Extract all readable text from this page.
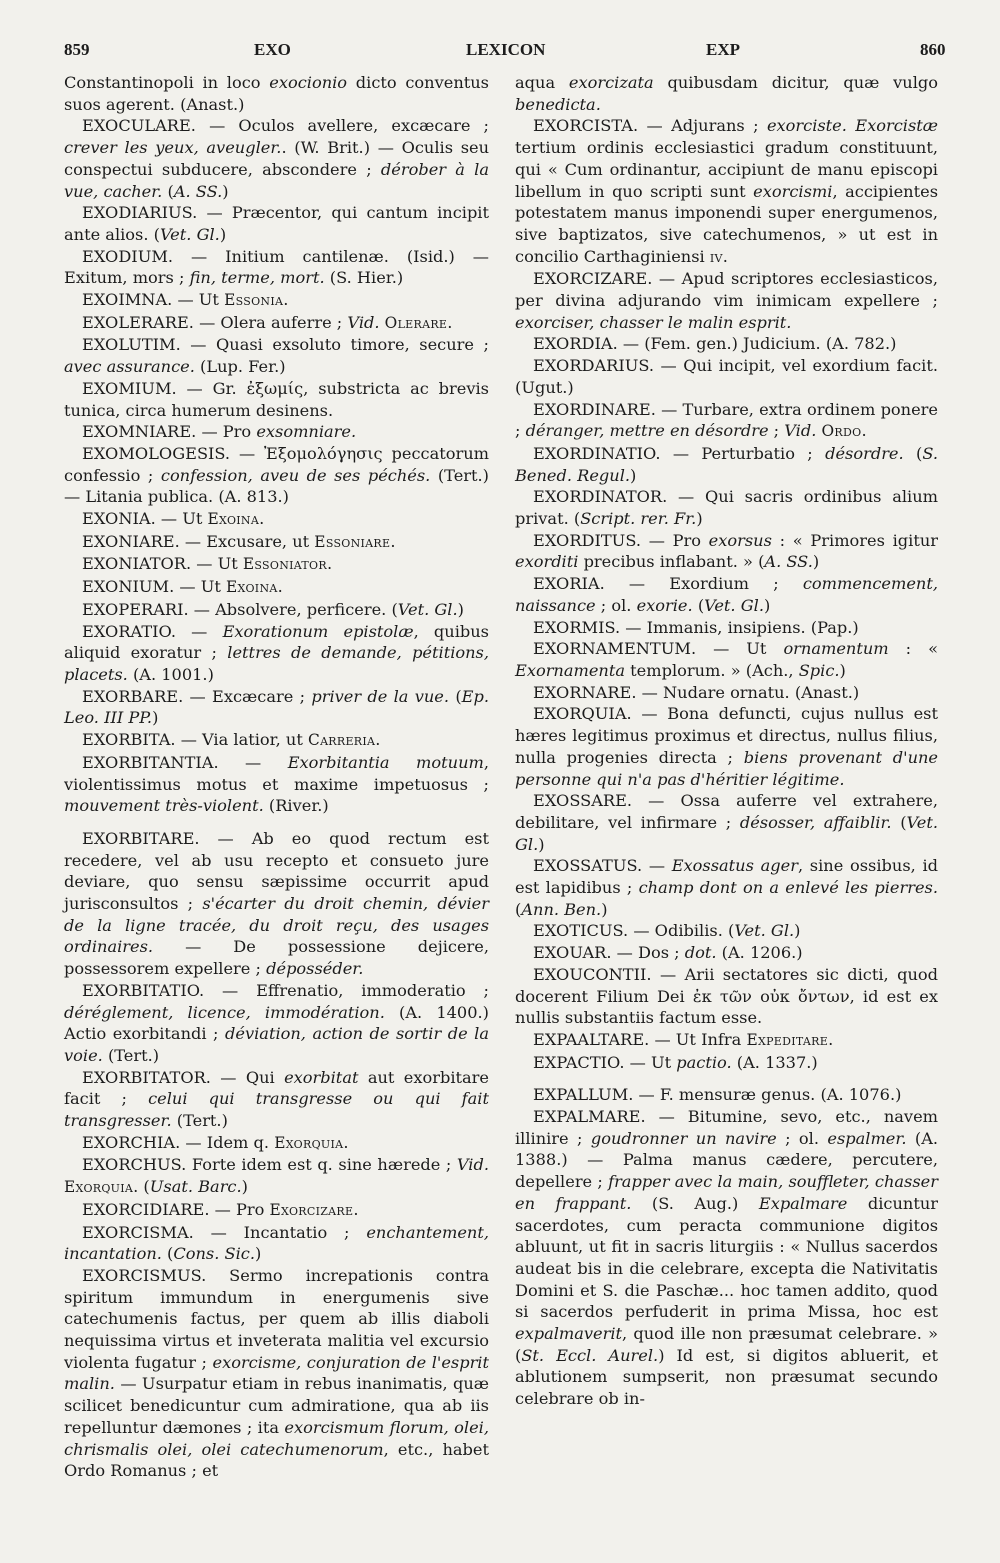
859	EXO	LEXICON	EXP	860

Constantinopoli in loco exocionio dicto conventus suos agerent. (Anast.)

EXOCULARE. — Oculos avellere, excæcare ; crever les yeux, aveugler.. (W. Brit.) — Oculis seu conspectui subducere, abscondere ; dérober à la vue, cacher. (A. SS.)

EXODIARIUS. — Præcentor, qui cantum incipit ante alios. (Vet. Gl.)

EXODIUM. — Initium cantilenæ. (Isid.) — Exitum, mors ; fin, terme, mort. (S. Hier.)

EXOIMNA. — Ut Essonia.

EXOLERARE. — Olera auferre ; Vid. Olerare.

EXOLUTIM. — Quasi exsoluto timore, secure ; avec assurance. (Lup. Fer.)

EXOMIUM. — Gr. ἐξωμίς, substricta ac brevis tunica, circa humerum desinens.

EXOMNIARE. — Pro exsomniare.

EXOMOLOGESIS. — Ἐξομολόγησις peccatorum confessio ; confession, aveu de ses péchés. (Tert.) — Litania publica. (A. 813.)

EXONIA. — Ut Exoina.

EXONIARE. — Excusare, ut Essoniare.

EXONIATOR. — Ut Essoniator.

EXONIUM. — Ut Exoina.

EXOPERARI. — Absolvere, perficere. (Vet. Gl.)

EXORATIO. — Exorationum epistolæ, quibus aliquid exoratur ; lettres de demande, pétitions, placets. (A. 1001.)

EXORBARE. — Excæcare ; priver de la vue. (Ep. Leo. III PP.)

EXORBITA. — Via latior, ut Carreria.

EXORBITANTIA. — Exorbitantia motuum, violentissimus motus et maxime impetuosus ; mouvement très-violent. (River.)

EXORBITARE. — Ab eo quod rectum est recedere, vel ab usu recepto et consueto jure deviare, quo sensu sæpissime occurrit apud jurisconsultos ; s'écarter du droit chemin, dévier de la ligne tracée, du droit reçu, des usages ordinaires. — De possessione dejicere, possessorem expellere ; déposséder.

EXORBITATIO. — Effrenatio, immoderatio ; déréglement, licence, immodération. (A. 1400.) Actio exorbitandi ; déviation, action de sortir de la voie. (Tert.)

EXORBITATOR. — Qui exorbitat aut exorbitare facit ; celui qui transgresse ou qui fait transgresser. (Tert.)

EXORCHIA. — Idem q. Exorquia.

EXORCHUS. Forte idem est q. sine hærede ; Vid. Exorquia. (Usat. Barc.)

EXORCIDIARE. — Pro Exorcizare.

EXORCISMA. — Incantatio ; enchantement, incantation. (Cons. Sic.)

EXORCISMUS. Sermo increpationis contra spiritum immundum in energumenis sive catechumenis factus, per quem ab illis diaboli nequissima virtus et inveterata malitia vel excursio violenta fugatur ; exorcisme, conjuration de l'esprit malin. — Usurpatur etiam in rebus inanimatis, quæ scilicet benedicuntur cum admiratione, qua ab iis repelluntur dæmones ; ita exorcismum florum, olei, chrismalis olei, olei catechumenorum, etc., habet Ordo Romanus ; et

aqua exorcizata quibusdam dicitur, quæ vulgo benedicta.

EXORCISTA. — Adjurans ; exorciste. Exorcistæ tertium ordinis ecclesiastici gradum constituunt, qui « Cum ordinantur, accipiunt de manu episcopi libellum in quo scripti sunt exorcismi, accipientes potestatem manus imponendi super energumenos, sive baptizatos, sive catechumenos, » ut est in concilio Carthaginiensi iv.

EXORCIZARE. — Apud scriptores ecclesiasticos, per divina adjurando vim inimicam expellere ; exorciser, chasser le malin esprit.

EXORDIA. — (Fem. gen.) Judicium. (A. 782.)

EXORDARIUS. — Qui incipit, vel exordium facit. (Ugut.)

EXORDINARE. — Turbare, extra ordinem ponere ; déranger, mettre en désordre ; Vid. Ordo.

EXORDINATIO. — Perturbatio ; désordre. (S. Bened. Regul.)

EXORDINATOR. — Qui sacris ordinibus alium privat. (Script. rer. Fr.)

EXORDITUS. — Pro exorsus : « Primores igitur exorditi precibus inflabant. » (A. SS.)

EXORIA. — Exordium ; commencement, naissance ; ol. exorie. (Vet. Gl.)

EXORMIS. — Immanis, insipiens. (Pap.)

EXORNAMENTUM. — Ut ornamentum : « Exornamenta templorum. » (Ach., Spic.)

EXORNARE. — Nudare ornatu. (Anast.)

EXORQUIA. — Bona defuncti, cujus nullus est hæres legitimus proximus et directus, nullus filius, nulla progenies directa ; biens provenant d'une personne qui n'a pas d'héritier légitime.

EXOSSARE. — Ossa auferre vel extrahere, debilitare, vel infirmare ; désosser, affaiblir. (Vet. Gl.)

EXOSSATUS. — Exossatus ager, sine ossibus, id est lapidibus ; champ dont on a enlevé les pierres. (Ann. Ben.)

EXOTICUS. — Odibilis. (Vet. Gl.)

EXOUAR. — Dos ; dot. (A. 1206.)

EXOUCONTII. — Arii sectatores sic dicti, quod docerent Filium Dei ἐκ τῶν οὐκ ὄντων, id est ex nullis substantiis factum esse.

EXPAALTARE. — Ut Infra Expeditare.

EXPACTIO. — Ut pactio. (A. 1337.)

EXPALLUM. — F. mensuræ genus. (A. 1076.)

EXPALMARE. — Bitumine, sevo, etc., navem illinire ; goudronner un navire ; ol. espalmer. (A. 1388.) — Palma manus cædere, percutere, depellere ; frapper avec la main, souffleter, chasser en frappant. (S. Aug.) Expalmare dicuntur sacerdotes, cum peracta communione digitos abluunt, ut fit in sacris liturgiis : « Nullus sacerdos audeat bis in die celebrare, excepta die Nativitatis Domini et S. die Paschæ... hoc tamen addito, quod si sacerdos perfuderit in prima Missa, hoc est expalmaverit, quod ille non præsumat celebrare. » (St. Eccl. Aurel.) Id est, si digitos abluerit, et ablutionem sumpserit, non præsumat secundo celebrare ob in-
